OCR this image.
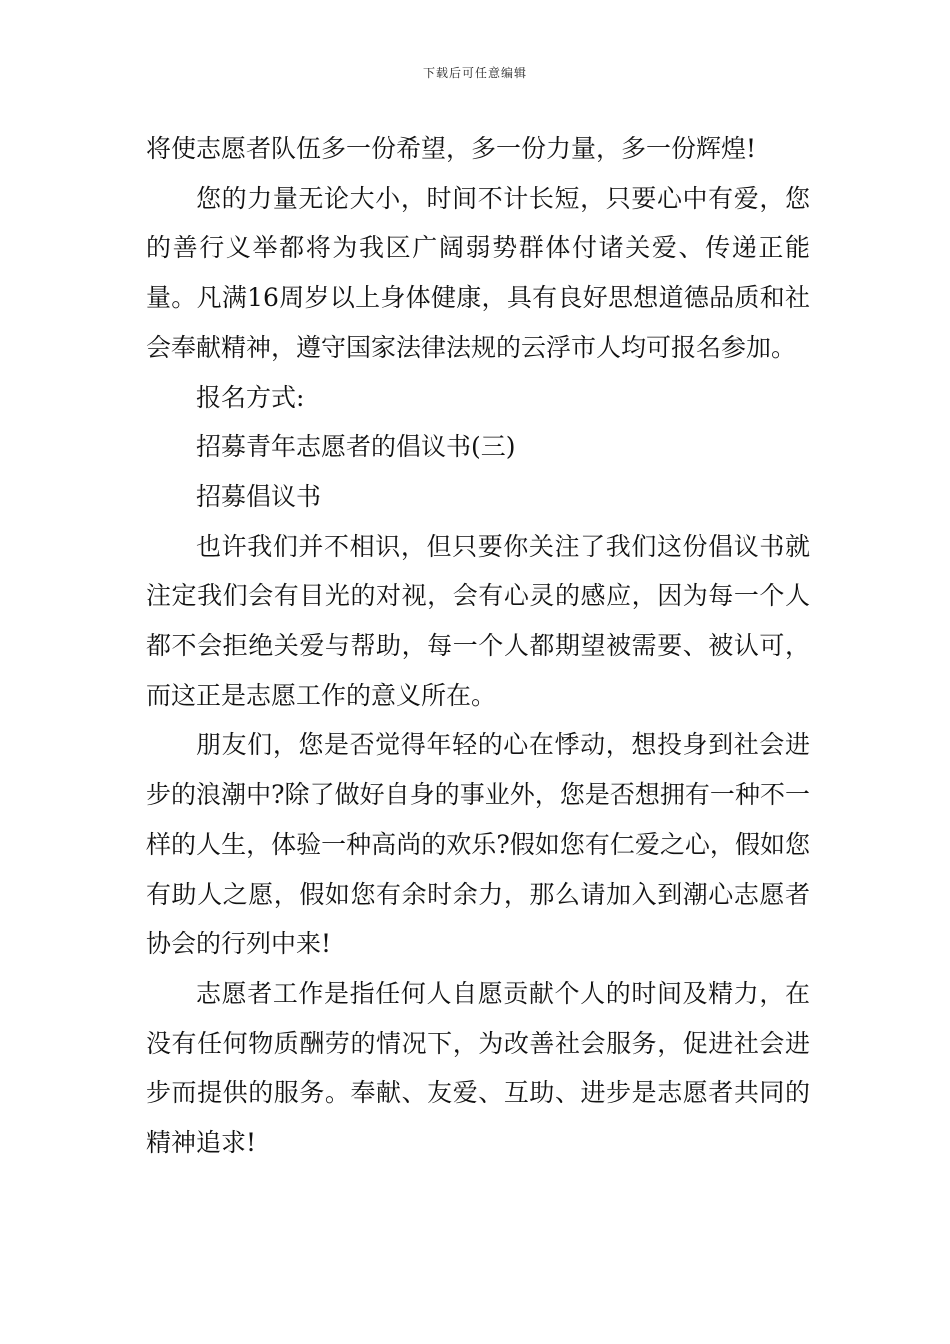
下载后可任意编辑

将使志愿者队伍多一份希望，多一份力量，多一份辉煌!

您的力量无论大小，时间不计长短，只要心中有爱，您的善行义举都将为我区广阔弱势群体付诸关爱、传递正能量。凡满16周岁以上身体健康，具有良好思想道德品质和社会奉献精神，遵守国家法律法规的云浮市人均可报名参加。

报名方式:

招募青年志愿者的倡议书(三)

招募倡议书

也许我们并不相识，但只要你关注了我们这份倡议书就注定我们会有目光的对视，会有心灵的感应，因为每一个人都不会拒绝关爱与帮助，每一个人都期望被需要、被认可，而这正是志愿工作的意义所在。

朋友们，您是否觉得年轻的心在悸动，想投身到社会进步的浪潮中?除了做好自身的事业外，您是否想拥有一种不一样的人生，体验一种高尚的欢乐?假如您有仁爱之心，假如您有助人之愿，假如您有余时余力，那么请加入到潮心志愿者协会的行列中来!

志愿者工作是指任何人自愿贡献个人的时间及精力，在没有任何物质酬劳的情况下，为改善社会服务，促进社会进步而提供的服务。奉献、友爱、互助、进步是志愿者共同的精神追求!
